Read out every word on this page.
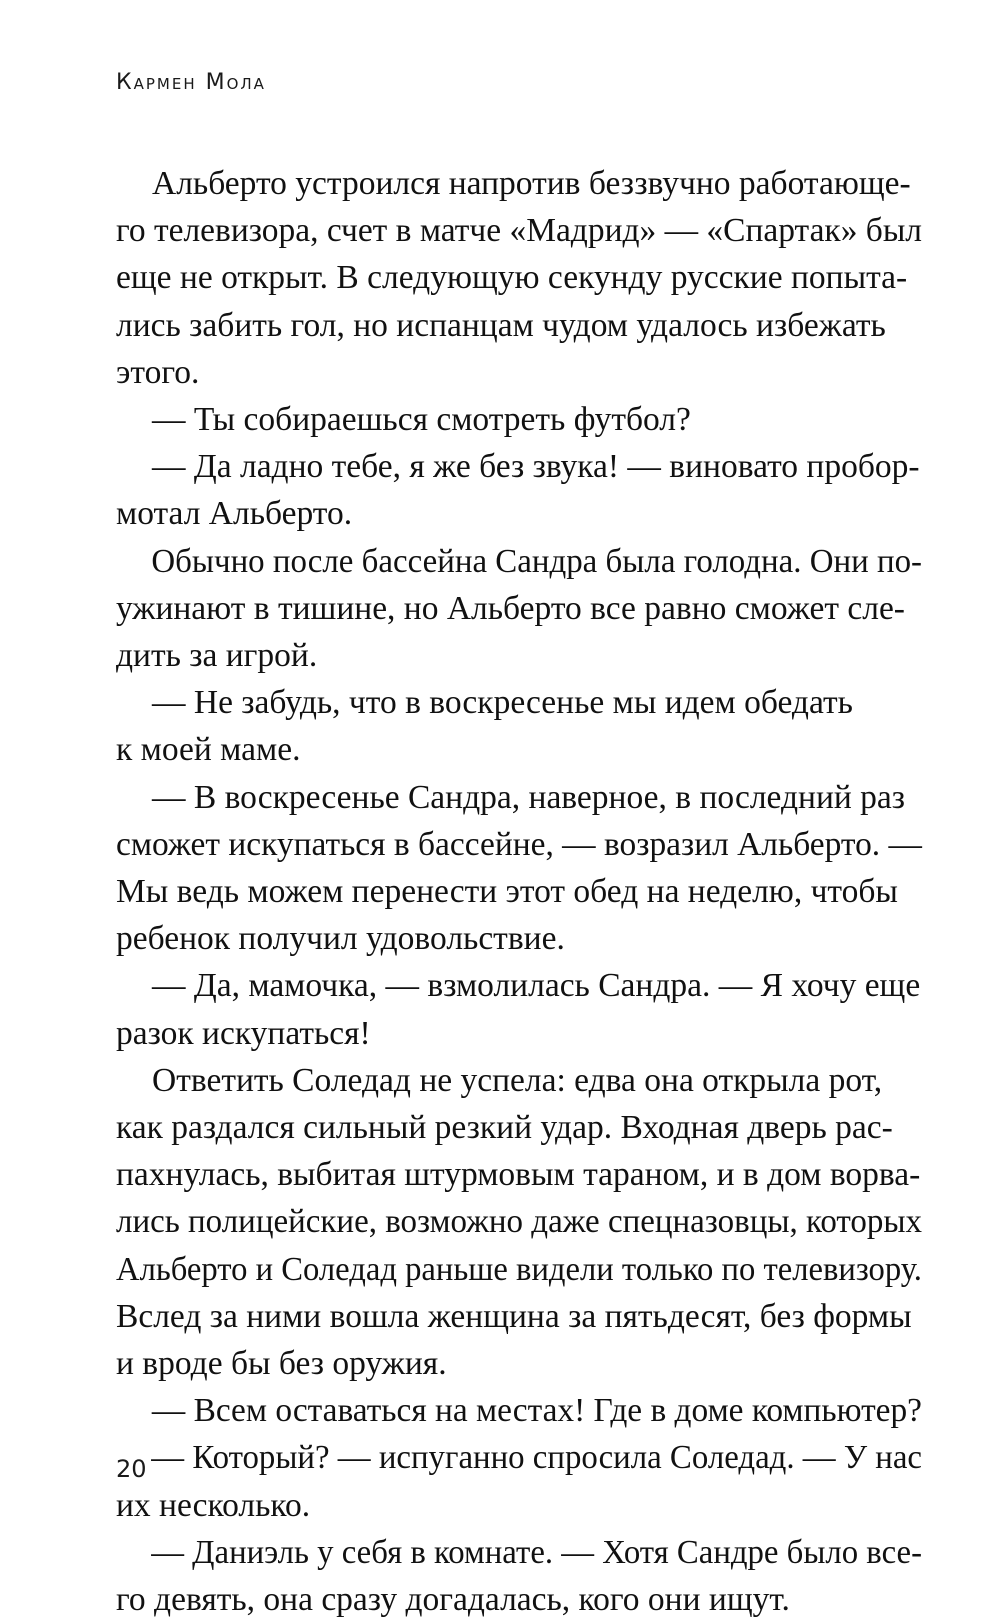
Кармен Мола
Альберто устроился напротив беззвучно работающе-
го телевизора, счет в матче «Мадрид» — «Спартак» был
еще не открыт. В следующую секунду русские попыта-
лись забить гол, но испанцам чудом удалось избежать
этого.
— Ты собираешься смотреть футбол?
— Да ладно тебе, я же без звука! — виновато пробор-
мотал Альберто.
Обычно после бассейна Сандра была голодна. Они по-
ужинают в тишине, но Альберто все равно сможет сле-
дить за игрой.
— Не забудь, что в воскресенье мы идем обедать
к моей маме.
— В воскресенье Сандра, наверное, в последний раз
сможет искупаться в бассейне, — возразил Альберто. —
Мы ведь можем перенести этот обед на неделю, чтобы
ребенок получил удовольствие.
— Да, мамочка, — взмолилась Сандра. — Я хочу еще
разок искупаться!
Ответить Соледад не успела: едва она открыла рот,
как раздался сильный резкий удар. Входная дверь рас-
пахнулась, выбитая штурмовым тараном, и в дом ворва-
лись полицейские, возможно даже спецназовцы, которых
Альберто и Соледад раньше видели только по телевизору.
Вслед за ними вошла женщина за пятьдесят, без формы
и вроде бы без оружия.
— Всем оставаться на местах! Где в доме компьютер?
— Который? — испуганно спросила Соледад. — У нас
их несколько.
— Даниэль у себя в комнате. — Хотя Сандре было все-
го девять, она сразу догадалась, кого они ищут.
20
